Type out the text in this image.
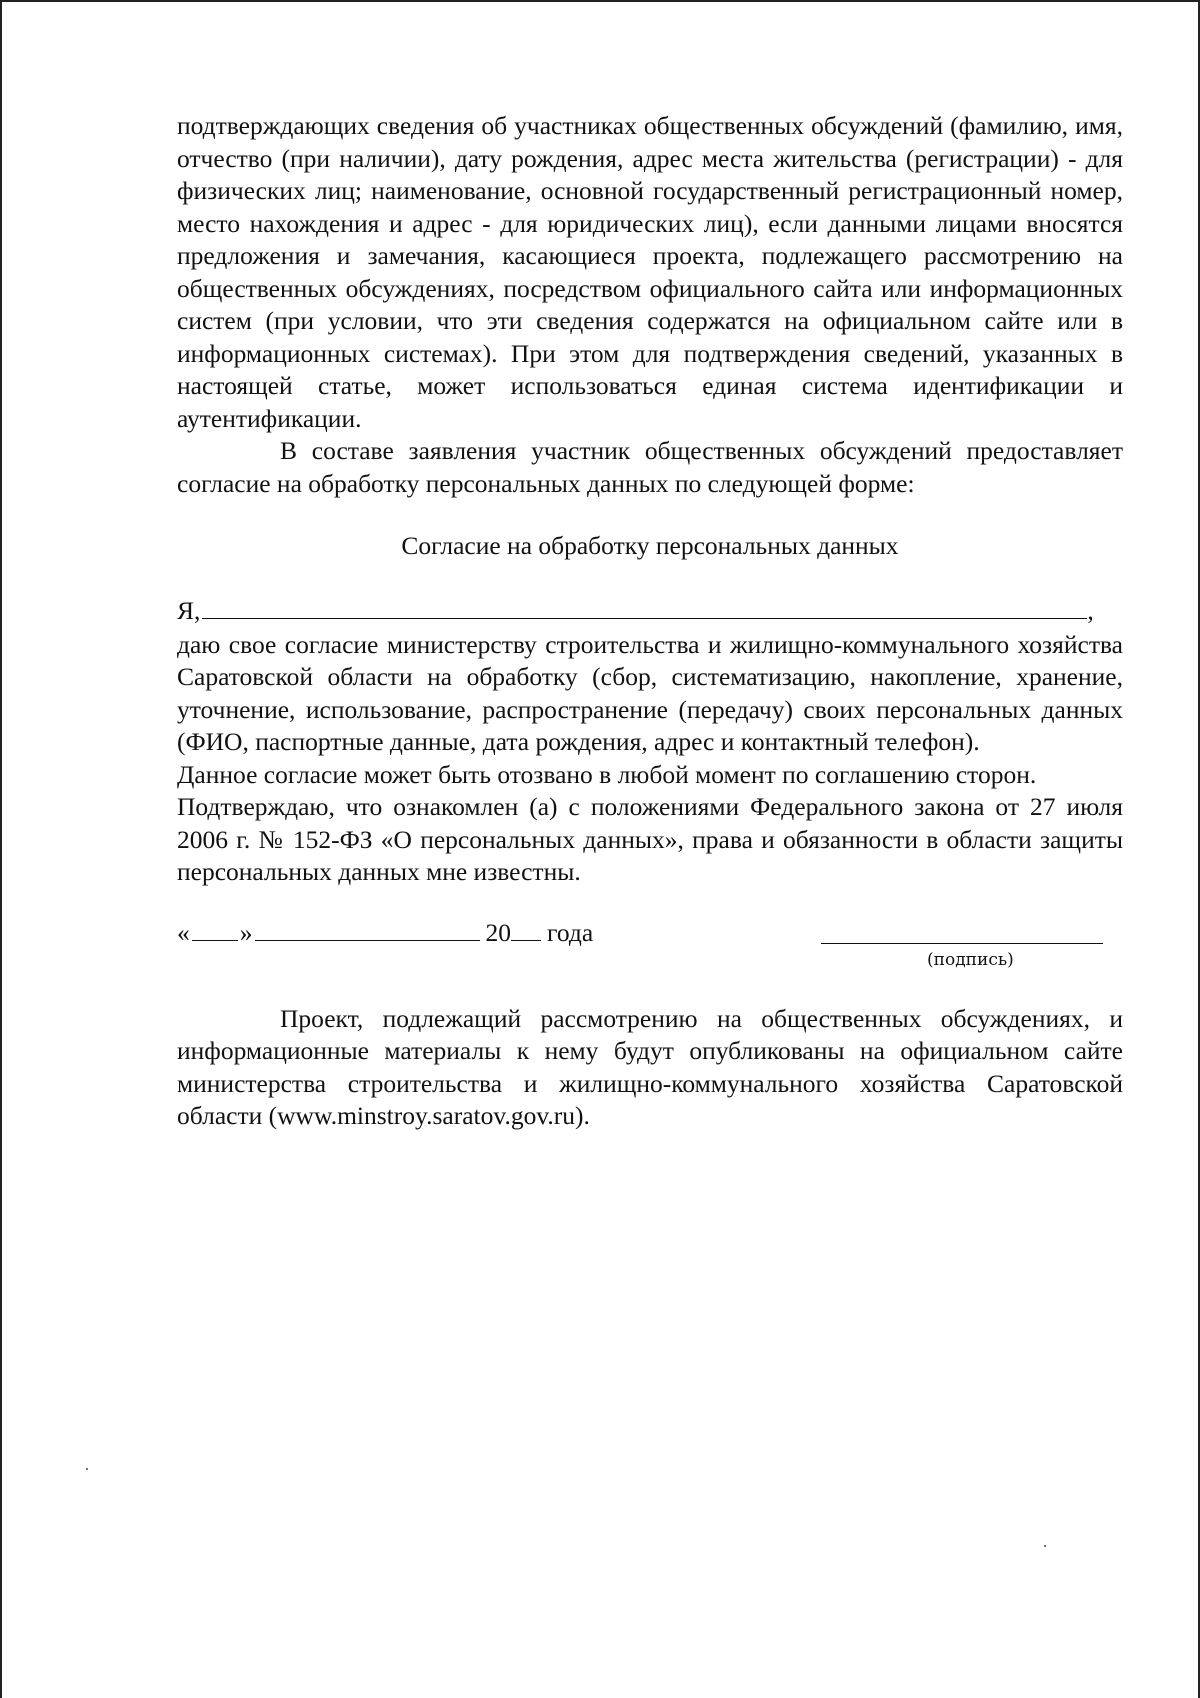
подтверждающих сведения об участниках общественных обсуждений (фамилию, имя, отчество (при наличии), дату рождения, адрес места жительства (регистрации) - для физических лиц; наименование, основной государственный регистрационный номер, место нахождения и адрес - для юридических лиц), если данными лицами вносятся предложения и замечания, касающиеся проекта, подлежащего рассмотрению на общественных обсуждениях, посредством официального сайта или информационных систем (при условии, что эти сведения содержатся на официальном сайте или в информационных системах). При этом для подтверждения сведений, указанных в настоящей статье, может использоваться единая система идентификации и аутентификации.

В составе заявления участник общественных обсуждений предоставляет согласие на обработку персональных данных по следующей форме:

Согласие на обработку персональных данных

Я,	,

даю свое согласие министерству строительства и жилищно-коммунального хозяйства Саратовской области на обработку (сбор, систематизацию, накопление, хранение, уточнение, использование, распространение (передачу) своих персональных данных (ФИО, паспортные данные, дата рождения, адрес и контактный телефон).

Данное согласие может быть отозвано в любой момент по соглашению сторон.

Подтверждаю, что ознакомлен (а) с положениями Федерального закона от 27 июля 2006 г. № 152-ФЗ «О персональных данных», права и обязанности в области защиты персональных данных мне известны.

« »	20 года
(подпись)

Проект, подлежащий рассмотрению на общественных обсуждениях, и информационные материалы к нему будут опубликованы на официальном сайте министерства строительства и жилищно-коммунального хозяйства Саратовской области (www.minstroy.saratov.gov.ru).
